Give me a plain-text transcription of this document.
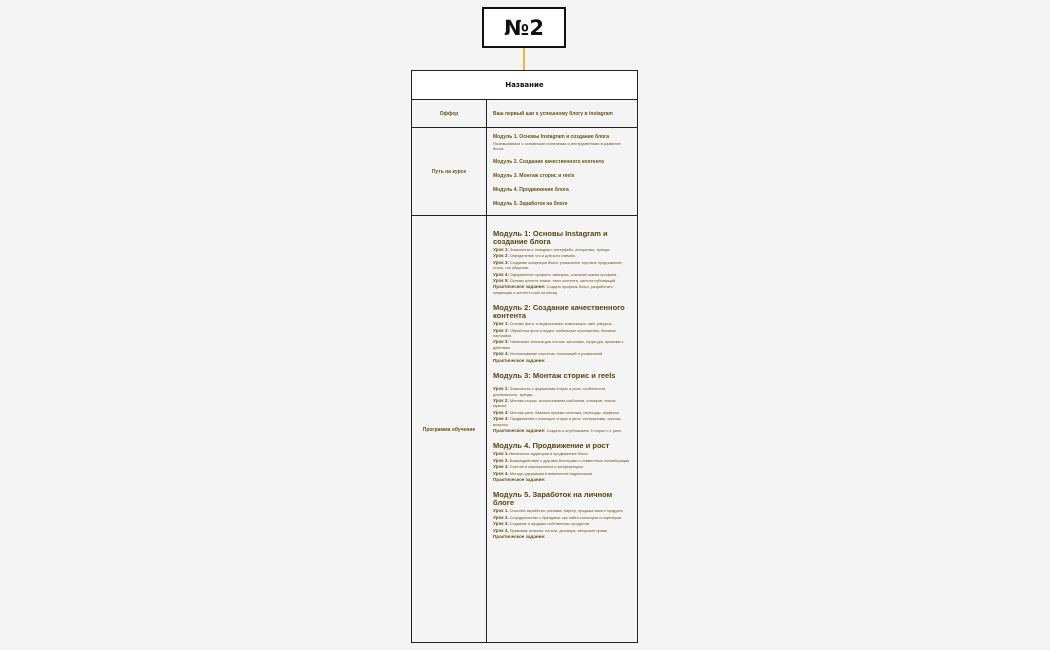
№2
Название
Оффер	Ваш первый шаг к успешному блогу в instagram
Путь на курсе
Модуль 1. Основы Instagram и создание блога
Познакомимся с основными понятиями и инструментами в развитие блога
Модуль 2. Создание качественного контента
Модуль 3. Монтаж сторис и reels
Модуль 4. Продвижение блога
Модуль 5. Заработок на блоге
Программа обучение
Модуль 1: Основы Instagram и создание блога
Урок 1: Знакомство с Instagram: интерфейс, алгоритмы, тренды.
Урок 2: Определение что и для кого снимать.
Урок 3: Создание концепции блога: уникальное торговое предложение, стиль, тон общения.
Урок 4: Оформление профиля: аватарка, описание шапки профиля.
Урок 5: Основы контент-плана: типы контента, частота публикаций.
Практическое задание: Создать профиль блога, разработать концепцию и контент-план на месяц.
Модуль 2: Создание качественного контента
Урок 1: Основы фото- и видеосъемки: композиция, свет, ракурсы.
Урок 2: Обработка фото и видео: мобильные приложения, базовые настройки.
Урок 3: Написание текстов для постов: заголовки, структура, призывы к действию.
Урок 4: Использование хэштегов, геолокаций и упоминаний.
Практическое задание:
Модуль 3: Монтаж сторис и reels
Урок 1: Знакомство с форматами сторис и рилс: особенности, длительность, тренды.
Урок 2: Монтаж сторис: использование шаблонов, стикеров, текста, музыки.
Урок 3: Монтаж рилс: базовые приемы монтажа, переходы, эффекты.
Урок 4: Продвижение с помощью сторис и рилс: интерактивы, опросы, вопросы.
Практическое задание: Создать и опубликовать 3 сторис и 1 рилс.
Модуль 4. Продвижение и рост
Урок 1.Увеличение аудитории и продвижение блога
Урок 2. Взаимодействие с другими блогерами и совместные коллаборации
Урок 3. Участие в мероприятиях и конференциях
Урок 4. Методы удержания и вовлечение подписчиков
Практическое задание:
Модуль 5. Заработок на личном блоге
Урок 1. Способы заработка: реклама, бартер, продажа своего продукта
Урок 2. Сотрудничество с брендами: как найти спонсоров и партнеров
Урок 3. Создание и продажа собственных продуктов
Урок 4. Правовые аспекты: налоги, договора, авторские права
Практическое задание:
